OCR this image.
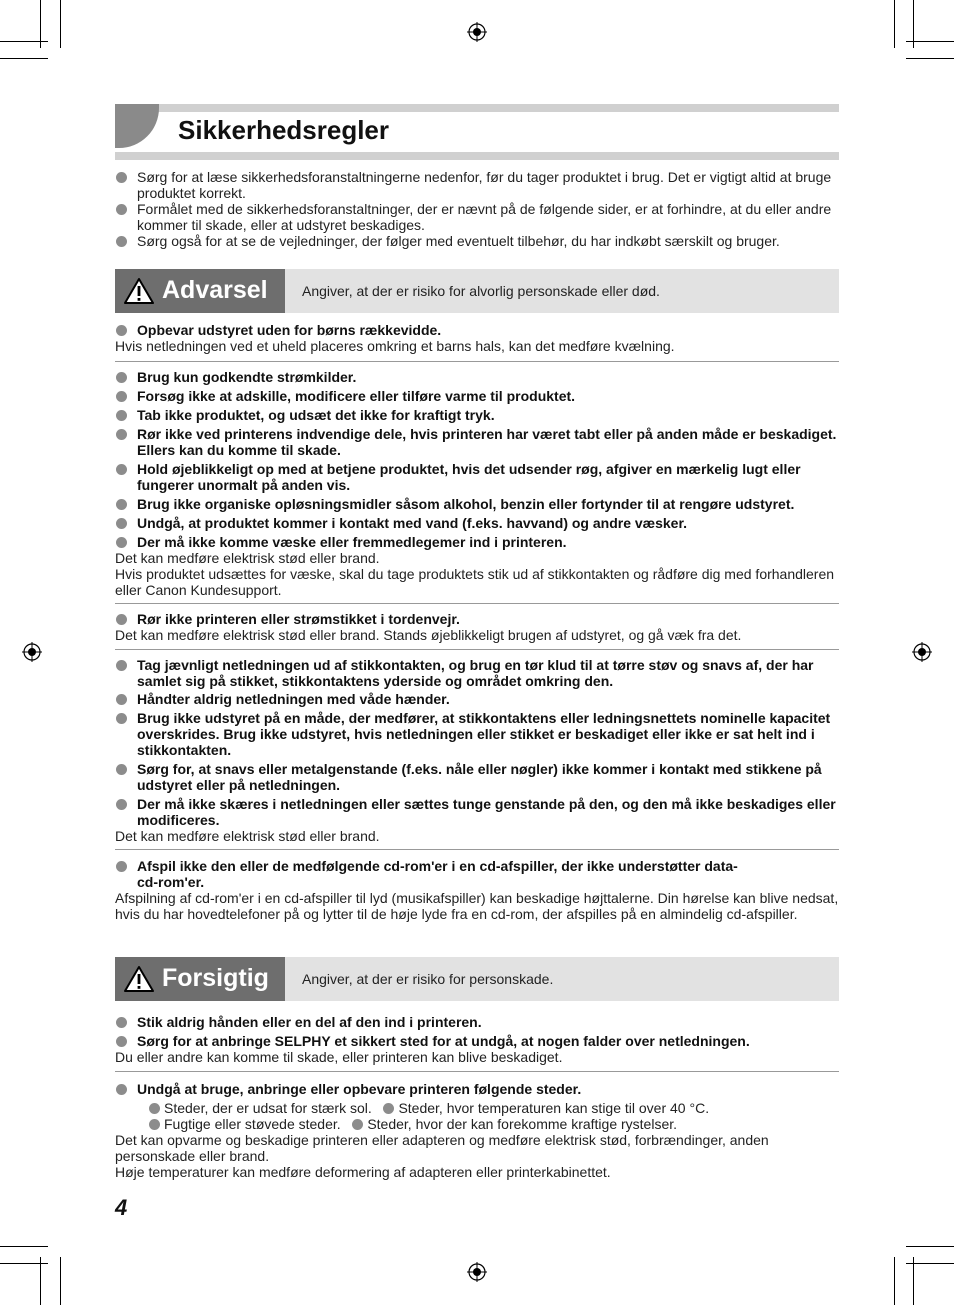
Sikkerhedsregler

Sørg for at læse sikkerhedsforanstaltningerne nedenfor, før du tager produktet i brug. Det er vigtigt altid at bruge produktet korrekt.

Formålet med de sikkerhedsforanstaltninger, der er nævnt på de følgende sider, er at forhindre, at du eller andre kommer til skade, eller at udstyret beskadiges.

Sørg også for at se de vejledninger, der følger med eventuelt tilbehør, du har indkøbt særskilt og bruger.

Advarsel Angiver, at der er risiko for alvorlig personskade eller død.

Opbevar udstyret uden for børns rækkevidde.

Hvis netledningen ved et uheld placeres omkring et barns hals, kan det medføre kvælning.

Brug kun godkendte strømkilder.

Forsøg ikke at adskille, modificere eller tilføre varme til produktet.

Tab ikke produktet, og udsæt det ikke for kraftigt tryk.

Rør ikke ved printerens indvendige dele, hvis printeren har været tabt eller på anden måde er beskadiget. Ellers kan du komme til skade.

Hold øjeblikkeligt op med at betjene produktet, hvis det udsender røg, afgiver en mærkelig lugt eller fungerer unormalt på anden vis.

Brug ikke organiske opløsningsmidler såsom alkohol, benzin eller fortynder til at rengøre udstyret.

Undgå, at produktet kommer i kontakt med vand (f.eks. havvand) og andre væsker.

Der må ikke komme væske eller fremmedlegemer ind i printeren.

Det kan medføre elektrisk stød eller brand.

Hvis produktet udsættes for væske, skal du tage produktets stik ud af stikkontakten og rådføre dig med forhandleren eller Canon Kundesupport.

Rør ikke printeren eller strømstikket i tordenvejr.

Det kan medføre elektrisk stød eller brand. Stands øjeblikkeligt brugen af udstyret, og gå væk fra det.

Tag jævnligt netledningen ud af stikkontakten, og brug en tør klud til at tørre støv og snavs af, der har samlet sig på stikket, stikkontaktens yderside og området omkring den.

Håndter aldrig netledningen med våde hænder.

Brug ikke udstyret på en måde, der medfører, at stikkontaktens eller ledningsnettets nominelle kapacitet overskrides. Brug ikke udstyret, hvis netledningen eller stikket er beskadiget eller ikke er sat helt ind i stikkontakten.

Sørg for, at snavs eller metalgenstande (f.eks. nåle eller nøgler) ikke kommer i kontakt med stikkene på udstyret eller på netledningen.

Der må ikke skæres i netledningen eller sættes tunge genstande på den, og den må ikke beskadiges eller modificeres.

Det kan medføre elektrisk stød eller brand.

Afspil ikke den eller de medfølgende cd-rom'er i en cd-afspiller, der ikke understøtter data-cd-rom'er.

Afspilning af cd-rom'er i en cd-afspiller til lyd (musikafspiller) kan beskadige højttalerne. Din hørelse kan blive nedsat, hvis du har hovedtelefoner på og lytter til de høje lyde fra en cd-rom, der afspilles på en almindelig cd-afspiller.

Forsigtig Angiver, at der er risiko for personskade.

Stik aldrig hånden eller en del af den ind i printeren.

Sørg for at anbringe SELPHY et sikkert sted for at undgå, at nogen falder over netledningen.

Du eller andre kan komme til skade, eller printeren kan blive beskadiget.

Undgå at bruge, anbringe eller opbevare printeren følgende steder.

Steder, der er udsat for stærk sol. Steder, hvor temperaturen kan stige til over 40 °C.

Fugtige eller støvede steder. Steder, hvor der kan forekomme kraftige rystelser.

Det kan opvarme og beskadige printeren eller adapteren og medføre elektrisk stød, forbrændinger, anden personskade eller brand.

Høje temperaturer kan medføre deformering af adapteren eller printerkabinettet.

4
